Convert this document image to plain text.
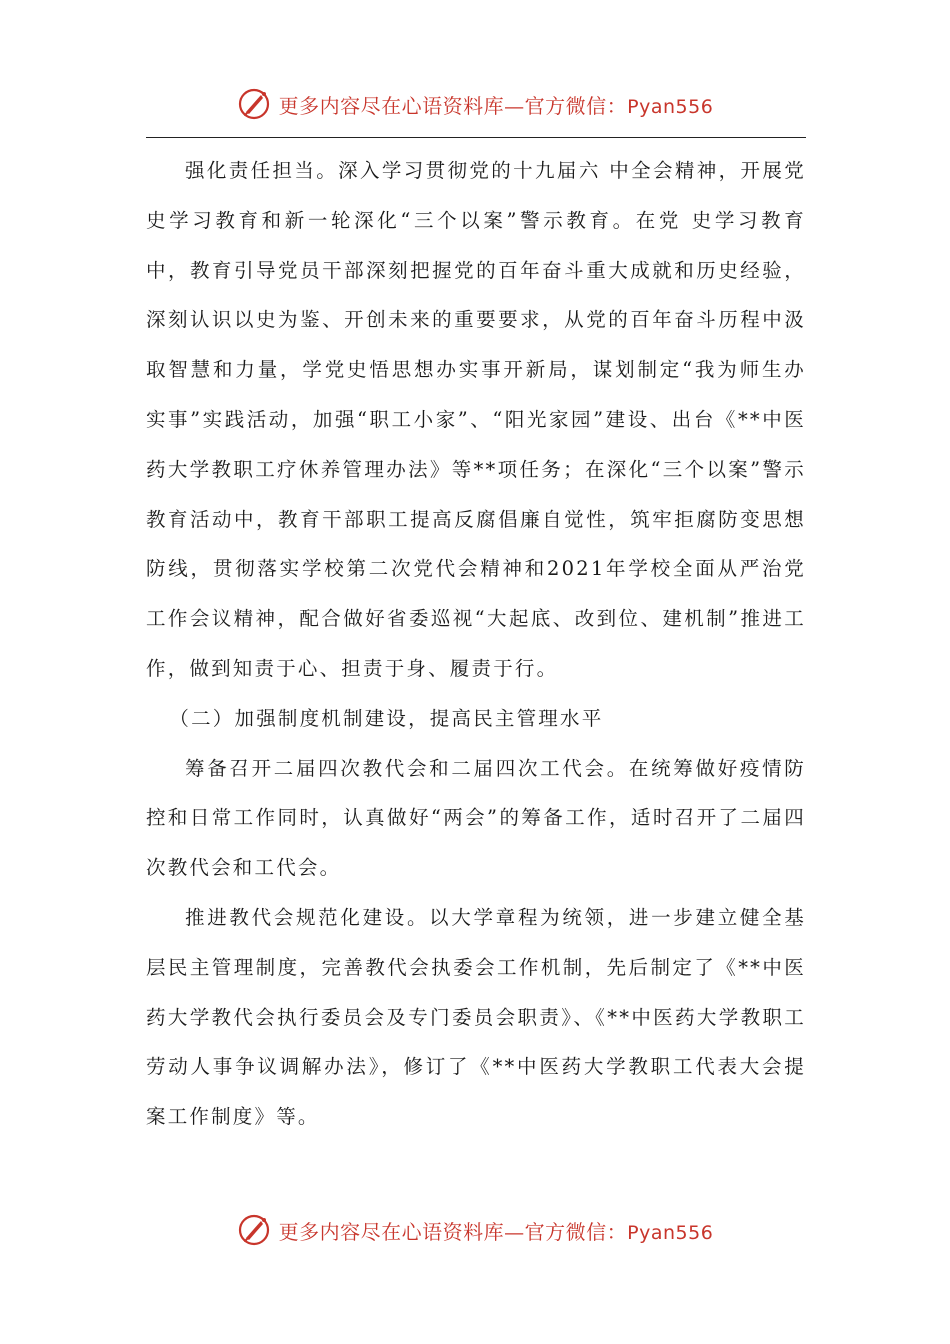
更多内容尽在心语资料库—官方微信：Pyan556

强化责任担当。深入学习贯彻党的十九届六 中全会精神，开展党 史学习教育和新一轮深化“三个以案”警示教育。在党 史学习教育中，教育引导党员干部深刻把握党的百年奋斗重大成就和历史经验，深刻认识以史为鉴、开创未来的重要要求，从党的百年奋斗历程中汲取智慧和力量，学党史悟思想办实事开新局，谋划制定“我为师生办实事”实践活动，加强“职工小家”、“阳光家园”建设、出台《**中医药大学教职工疗休养管理办法》等**项任务；在深化“三个以案”警示教育活动中，教育干部职工提高反腐倡廉自觉性，筑牢拒腐防变思想防线，贯彻落实学校第二次党代会精神和2021年学校全面从严治党工作会议精神，配合做好省委巡视“大起底、改到位、建机制”推进工作，做到知责于心、担责于身、履责于行。

（二）加强制度机制建设，提高民主管理水平

筹备召开二届四次教代会和二届四次工代会。在统筹做好疫情防控和日常工作同时，认真做好“两会”的筹备工作，适时召开了二届四次教代会和工代会。

推进教代会规范化建设。以大学章程为统领，进一步建立健全基层民主管理制度，完善教代会执委会工作机制，先后制定了《**中医药大学教代会执行委员会及专门委员会职责》、《**中医药大学教职工劳动人事争议调解办法》，修订了《**中医药大学教职工代表大会提案工作制度》等。

更多内容尽在心语资料库—官方微信：Pyan556
